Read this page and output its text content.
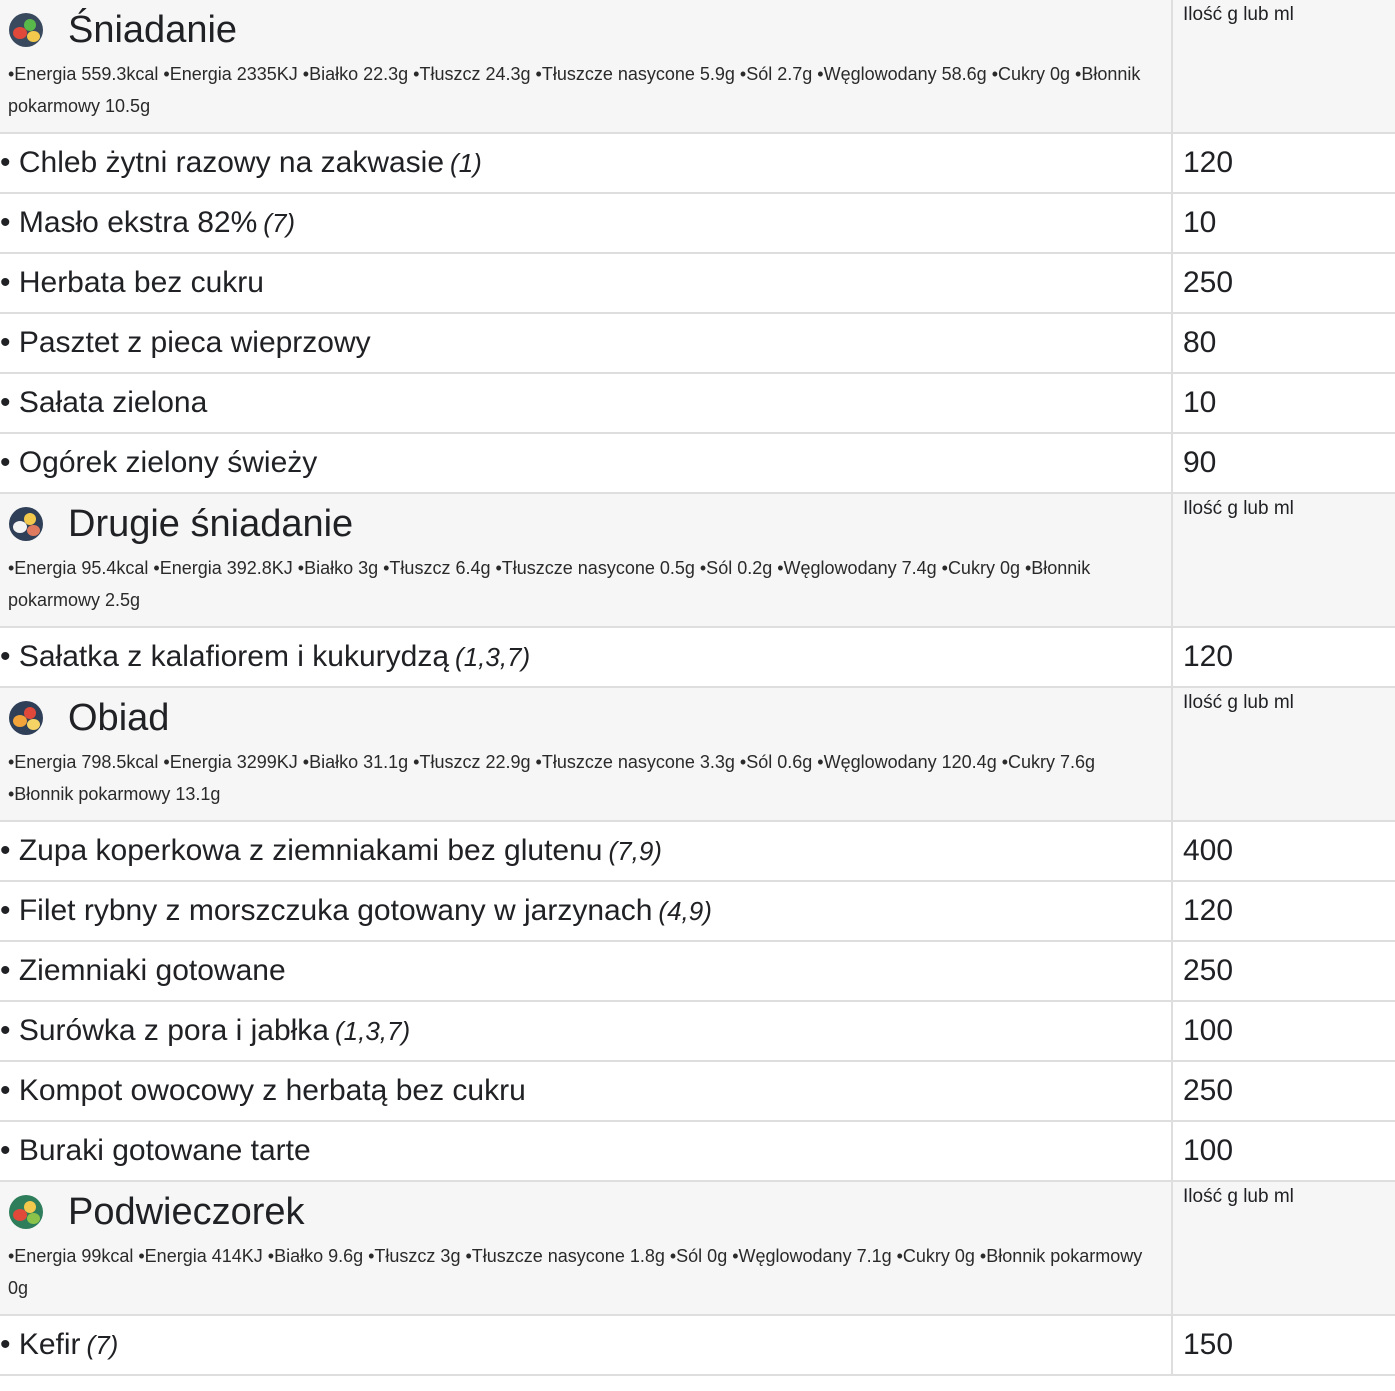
Śniadanie
•Energia 559.3kcal •Energia 2335KJ •Białko 22.3g •Tłuszcz 24.3g •Tłuszcze nasycone 5.9g •Sól 2.7g •Węglowodany 58.6g •Cukry 0g •Błonnik pokarmowy 10.5g
Ilość g lub ml
• Chleb żytni razowy na zakwasie (1)	120
• Masło ekstra 82% (7)	10
• Herbata bez cukru	250
• Pasztet z pieca wieprzowy	80
• Sałata zielona	10
• Ogórek zielony świeży	90
Drugie śniadanie
•Energia 95.4kcal •Energia 392.8KJ •Białko 3g •Tłuszcz 6.4g •Tłuszcze nasycone 0.5g •Sól 0.2g •Węglowodany 7.4g •Cukry 0g •Błonnik pokarmowy 2.5g
Ilość g lub ml
• Sałatka z kalafiorem i kukurydzą (1,3,7)	120
Obiad
•Energia 798.5kcal •Energia 3299KJ •Białko 31.1g •Tłuszcz 22.9g •Tłuszcze nasycone 3.3g •Sól 0.6g •Węglowodany 120.4g •Cukry 7.6g •Błonnik pokarmowy 13.1g
Ilość g lub ml
• Zupa koperkowa z ziemniakami bez glutenu (7,9)	400
• Filet rybny z morszczuka gotowany w jarzynach (4,9)	120
• Ziemniaki gotowane	250
• Surówka z pora i jabłka (1,3,7)	100
• Kompot owocowy z herbatą bez cukru	250
• Buraki gotowane tarte	100
Podwieczorek
•Energia 99kcal •Energia 414KJ •Białko 9.6g •Tłuszcz 3g •Tłuszcze nasycone 1.8g •Sól 0g •Węglowodany 7.1g •Cukry 0g •Błonnik pokarmowy 0g
Ilość g lub ml
• Kefir (7)	150
